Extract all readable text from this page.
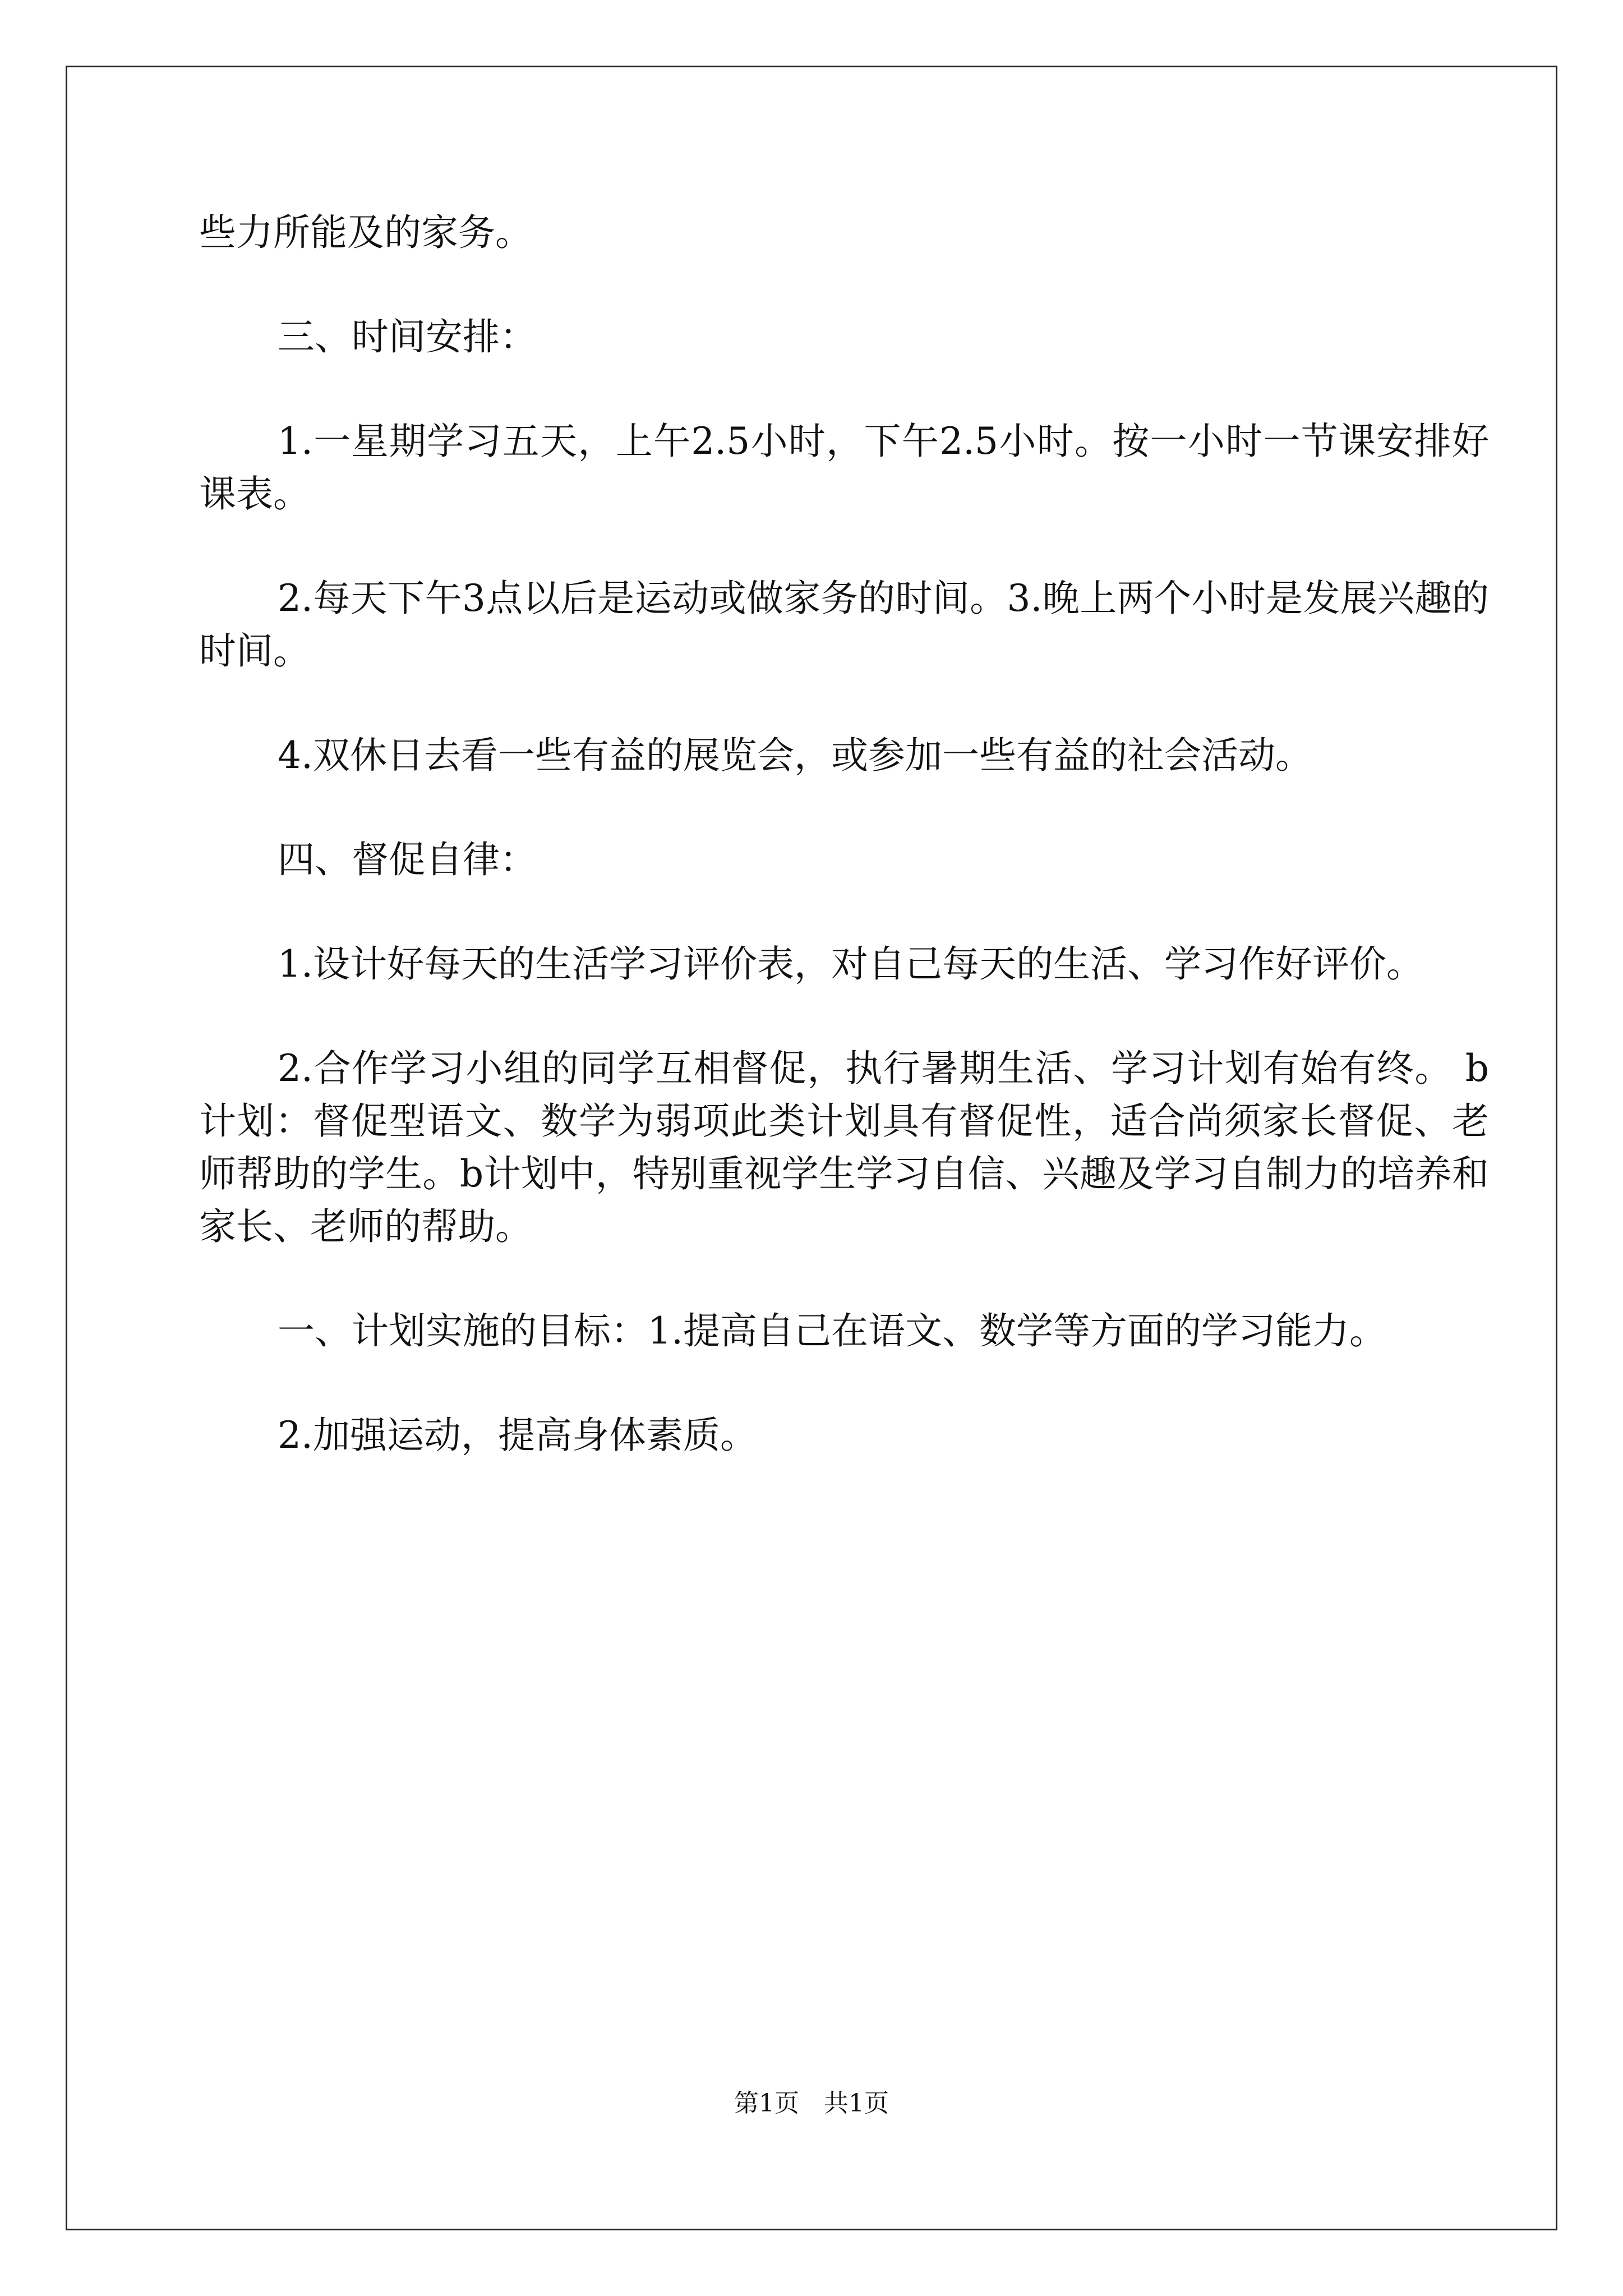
些力所能及的家务。

三、时间安排：

1.一星期学习五天，上午2.5小时，下午2.5小时。按一小时一节课安排好课表。

2.每天下午3点以后是运动或做家务的时间。3.晚上两个小时是发展兴趣的时间。

4.双休日去看一些有益的展览会，或参加一些有益的社会活动。

四、督促自律：

1.设计好每天的生活学习评价表，对自己每天的生活、学习作好评价。

2.合作学习小组的同学互相督促，执行暑期生活、学习计划有始有终。 b计划：督促型语文、数学为弱项此类计划具有督促性，适合尚须家长督促、老师帮助的学生。b计划中，特别重视学生学习自信、兴趣及学习自制力的培养和家长、老师的帮助。

一、计划实施的目标：1.提高自己在语文、数学等方面的学习能力。

2.加强运动，提高身体素质。

第1页　共1页
